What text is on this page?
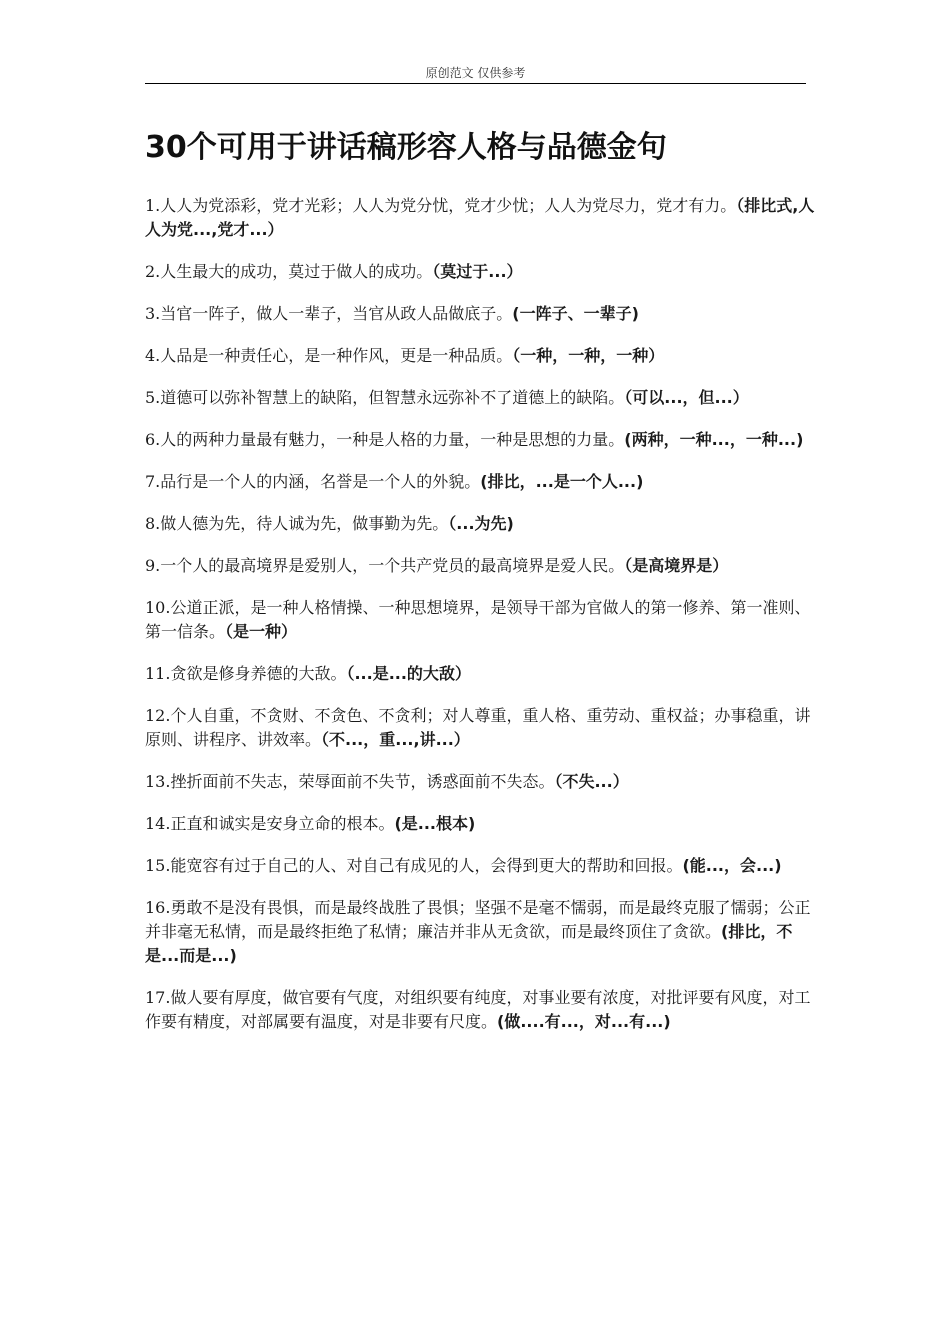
原创范文 仅供参考
30个可用于讲话稿形容人格与品德金句

1.人人为党添彩，党才光彩；人人为党分忧，党才少忧；人人为党尽力，党才有力。（排比式,人人为党...,党才...）

2.人生最大的成功，莫过于做人的成功。（莫过于...）

3.当官一阵子，做人一辈子，当官从政人品做底子。(一阵子、一辈子)

4.人品是一种责任心，是一种作风，更是一种品质。（一种，一种，一种）

5.道德可以弥补智慧上的缺陷，但智慧永远弥补不了道德上的缺陷。（可以...，但...）

6.人的两种力量最有魅力，一种是人格的力量，一种是思想的力量。(两种，一种...，一种...)

7.品行是一个人的内涵，名誉是一个人的外貌。(排比，...是一个人...)

8.做人德为先，待人诚为先，做事勤为先。（...为先)

9.一个人的最高境界是爱别人，一个共产党员的最高境界是爱人民。（是高境界是）

10.公道正派，是一种人格情操、一种思想境界，是领导干部为官做人的第一修养、第一准则、第一信条。（是一种）

11.贪欲是修身养德的大敌。（...是...的大敌）

12.个人自重，不贪财、不贪色、不贪利；对人尊重，重人格、重劳动、重权益；办事稳重，讲原则、讲程序、讲效率。（不...，重...,讲...）

13.挫折面前不失志，荣辱面前不失节，诱惑面前不失态。（不失...）

14.正直和诚实是安身立命的根本。(是...根本)

15.能宽容有过于自己的人、对自己有成见的人，会得到更大的帮助和回报。(能...，会...)

16.勇敢不是没有畏惧，而是最终战胜了畏惧；坚强不是毫不懦弱，而是最终克服了懦弱；公正并非毫无私情，而是最终拒绝了私情；廉洁并非从无贪欲，而是最终顶住了贪欲。(排比，不是...而是...)

17.做人要有厚度，做官要有气度，对组织要有纯度，对事业要有浓度，对批评要有风度，对工作要有精度，对部属要有温度，对是非要有尺度。(做....有...，对...有...)
